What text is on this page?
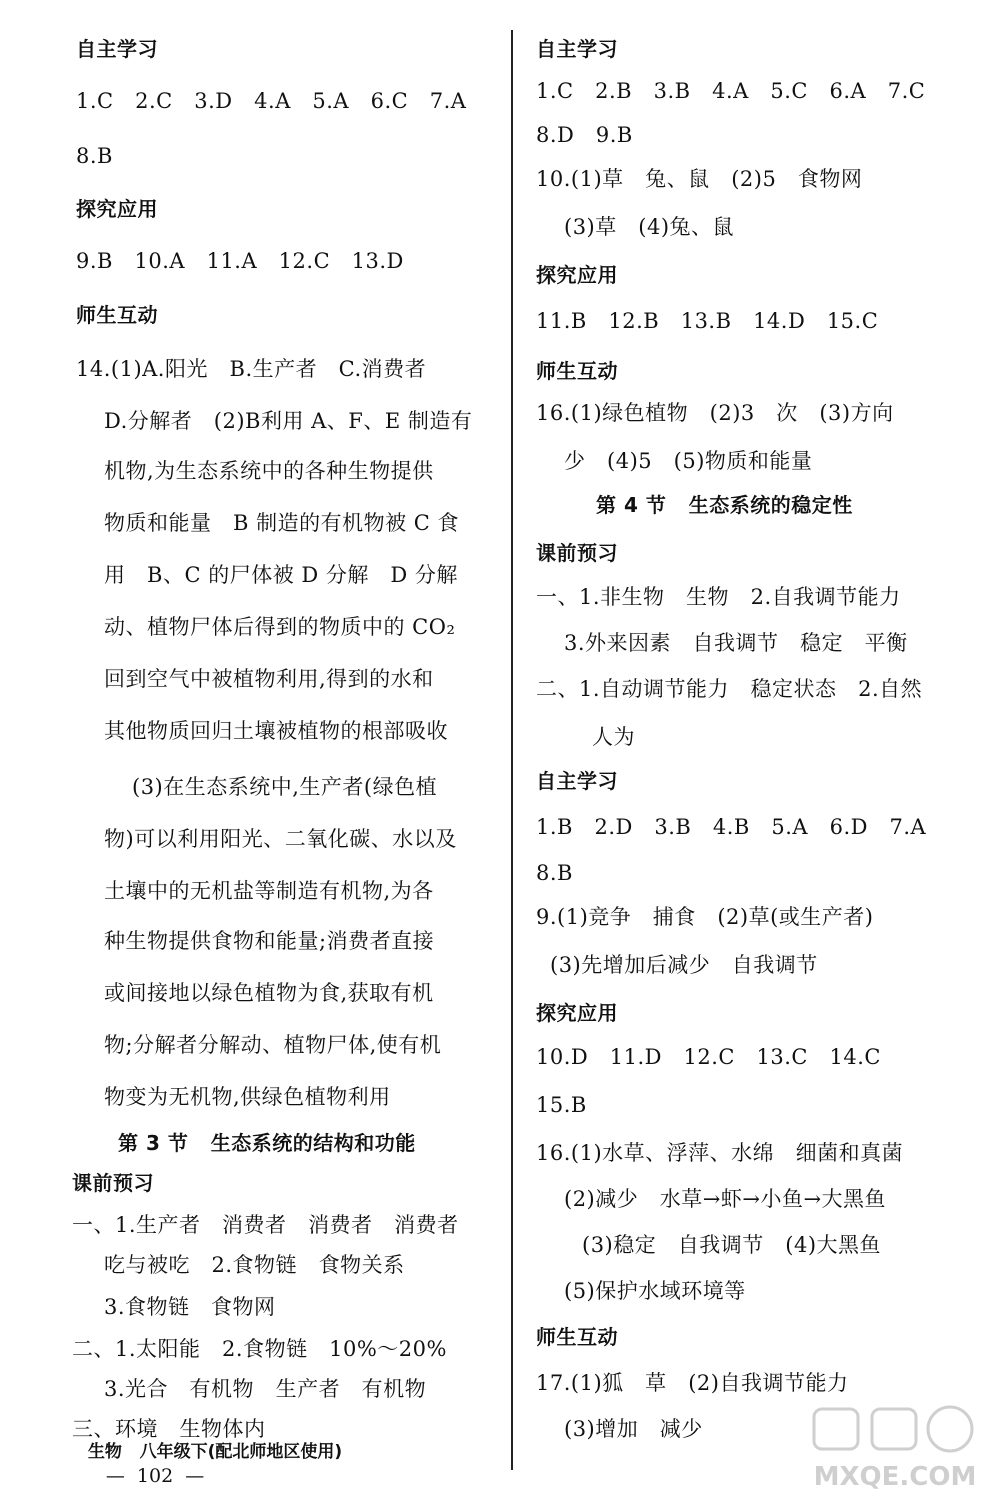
自主学习
1.C   2.C   3.D   4.A   5.A   6.C   7.A
8.B
探究应用
9.B   10.A   11.A   12.C   13.D
师生互动
14.(1)A.阳光   B.生产者   C.消费者
D.分解者   (2)B利用 A、F、E 制造有
机物,为生态系统中的各种生物提供
物质和能量   B 制造的有机物被 C 食
用   B、C 的尸体被 D 分解   D 分解
动、植物尸体后得到的物质中的 CO₂
回到空气中被植物利用,得到的水和
其他物质回归土壤被植物的根部吸收
(3)在生态系统中,生产者(绿色植
物)可以利用阳光、二氧化碳、水以及
土壤中的无机盐等制造有机物,为各
种生物提供食物和能量;消费者直接
或间接地以绿色植物为食,获取有机
物;分解者分解动、植物尸体,使有机
物变为无机物,供绿色植物利用
第 3 节   生态系统的结构和功能
课前预习
一、1.生产者   消费者   消费者   消费者
吃与被吃   2.食物链   食物关系
3.食物链   食物网
二、1.太阳能   2.食物链   10%～20%
3.光合   有机物   生产者   有机物
三、环境   生物体内
自主学习
1.C   2.B   3.B   4.A   5.C   6.A   7.C
8.D   9.B
10.(1)草   兔、鼠   (2)5   食物网
(3)草   (4)兔、鼠
探究应用
11.B   12.B   13.B   14.D   15.C
师生互动
16.(1)绿色植物   (2)3   次   (3)方向
少   (4)5   (5)物质和能量
第 4 节   生态系统的稳定性
课前预习
一、1.非生物   生物   2.自我调节能力
3.外来因素   自我调节   稳定   平衡
二、1.自动调节能力   稳定状态   2.自然
人为
自主学习
1.B   2.D   3.B   4.B   5.A   6.D   7.A
8.B
9.(1)竞争   捕食   (2)草(或生产者)
(3)先增加后减少   自我调节
探究应用
10.D   11.D   12.C   13.C   14.C
15.B
16.(1)水草、浮萍、水绵   细菌和真菌
(2)减少   水草→虾→小鱼→大黑鱼
(3)稳定   自我调节   (4)大黑鱼
(5)保护水域环境等
师生互动
17.(1)狐   草   (2)自我调节能力
(3)增加   减少

生物   八年级下(配北师地区使用)
—  102  —	MXQE.COM
